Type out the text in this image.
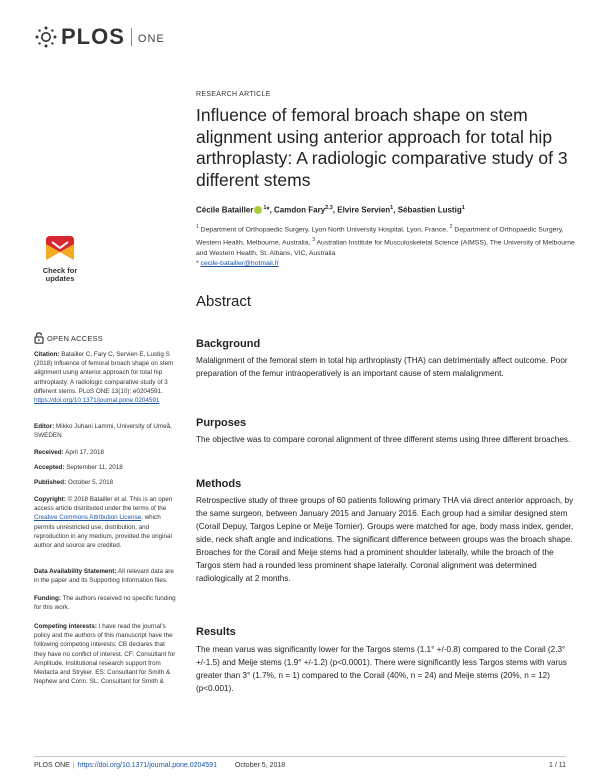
PLOS ONE
RESEARCH ARTICLE
Influence of femoral broach shape on stem alignment using anterior approach for total hip arthroplasty: A radiologic comparative study of 3 different stems
Cécile Batailler $^1$*, Camdon Fary$^{2,3}$, Elvire Servien$^1$, Sébastien Lustig$^1$
$^1$ Department of Orthopaedic Surgery, Lyon North University Hospital, Lyon, France, $^2$ Department of Orthopaedic Surgery, Western Health, Melbourne, Australia, $^3$ Australian Institute for Musculoskeletal Science (AIMSS), The University of Melbourne and Western Health, St. Albans, VIC, Australia
* cecile-batailler@hotmail.fr
Check for
updates
OPEN ACCESS

Citation: Batailler C, Fary C, Servien E, Lustig S (2018) Influence of femoral broach shape on stem alignment using anterior approach for total hip arthroplasty: A radiologic comparative study of 3 different stems. PLoS ONE 13(10): e0204591. https://doi.org/10.1371/journal.pone.0204591

Editor: Mikko Juhani Lammi, University of Umeå, SWEDEN

Received: April 17, 2018

Accepted: September 11, 2018

Published: October 5, 2018

Copyright: © 2018 Batailler et al. This is an open access article distributed under the terms of the Creative Commons Attribution License, which permits unrestricted use, distribution, and reproduction in any medium, provided the original author and source are credited.

Data Availability Statement: All relevant data are in the paper and its Supporting Information files.

Funding: The authors received no specific funding for this work.

Competing interests: I have read the journal's policy and the authors of this manuscript have the following competing interests: CB declares that they have no conflict of interest. CF: Consultant for Amplitude, Institutional research support from Medacta and Stryker. ES: Consultant for Smith & Nephew and Corin. SL: Consultant for Smith &

Abstract
Background

Malalignment of the femoral stem in total hip arthroplasty (THA) can detrimentally affect outcome. Poor preparation of the femur intraoperatively is an important cause of stem malalignment.

Purposes

The objective was to compare coronal alignment of three different stems using three different broaches.

Methods

Retrospective study of three groups of 60 patients following primary THA via direct anterior approach, by the same surgeon, between January 2015 and January 2016. Each group had a similar designed stem (Corail Depuy, Targos Lepine or Meije Tornier). Groups were matched for age, body mass index, gender, side, neck shaft angle and indications. The significant difference between groups was the broach shape. Broaches for the Corail and Meije stems had a prominent shoulder laterally, while the broach of the Targos stem had a rounded less prominent shape laterally. Coronal alignment was determined radiologically at 2 months.

Results

The mean varus was significantly lower for the Targos stems (1.1° +/-0.8) compared to the Corail (2.3° +/-1.5) and Meije stems (1.9° +/-1.2) (p<0.0001). There were significantly less Targos stems with varus greater than 3° (1.7%, n = 1) compared to the Corail (40%, n = 24) and Meije stems (20%, n = 12) (p<0.001).

PLOS ONE | https://doi.org/10.1371/journal.pone.0204591	October 5, 2018	1 / 11
